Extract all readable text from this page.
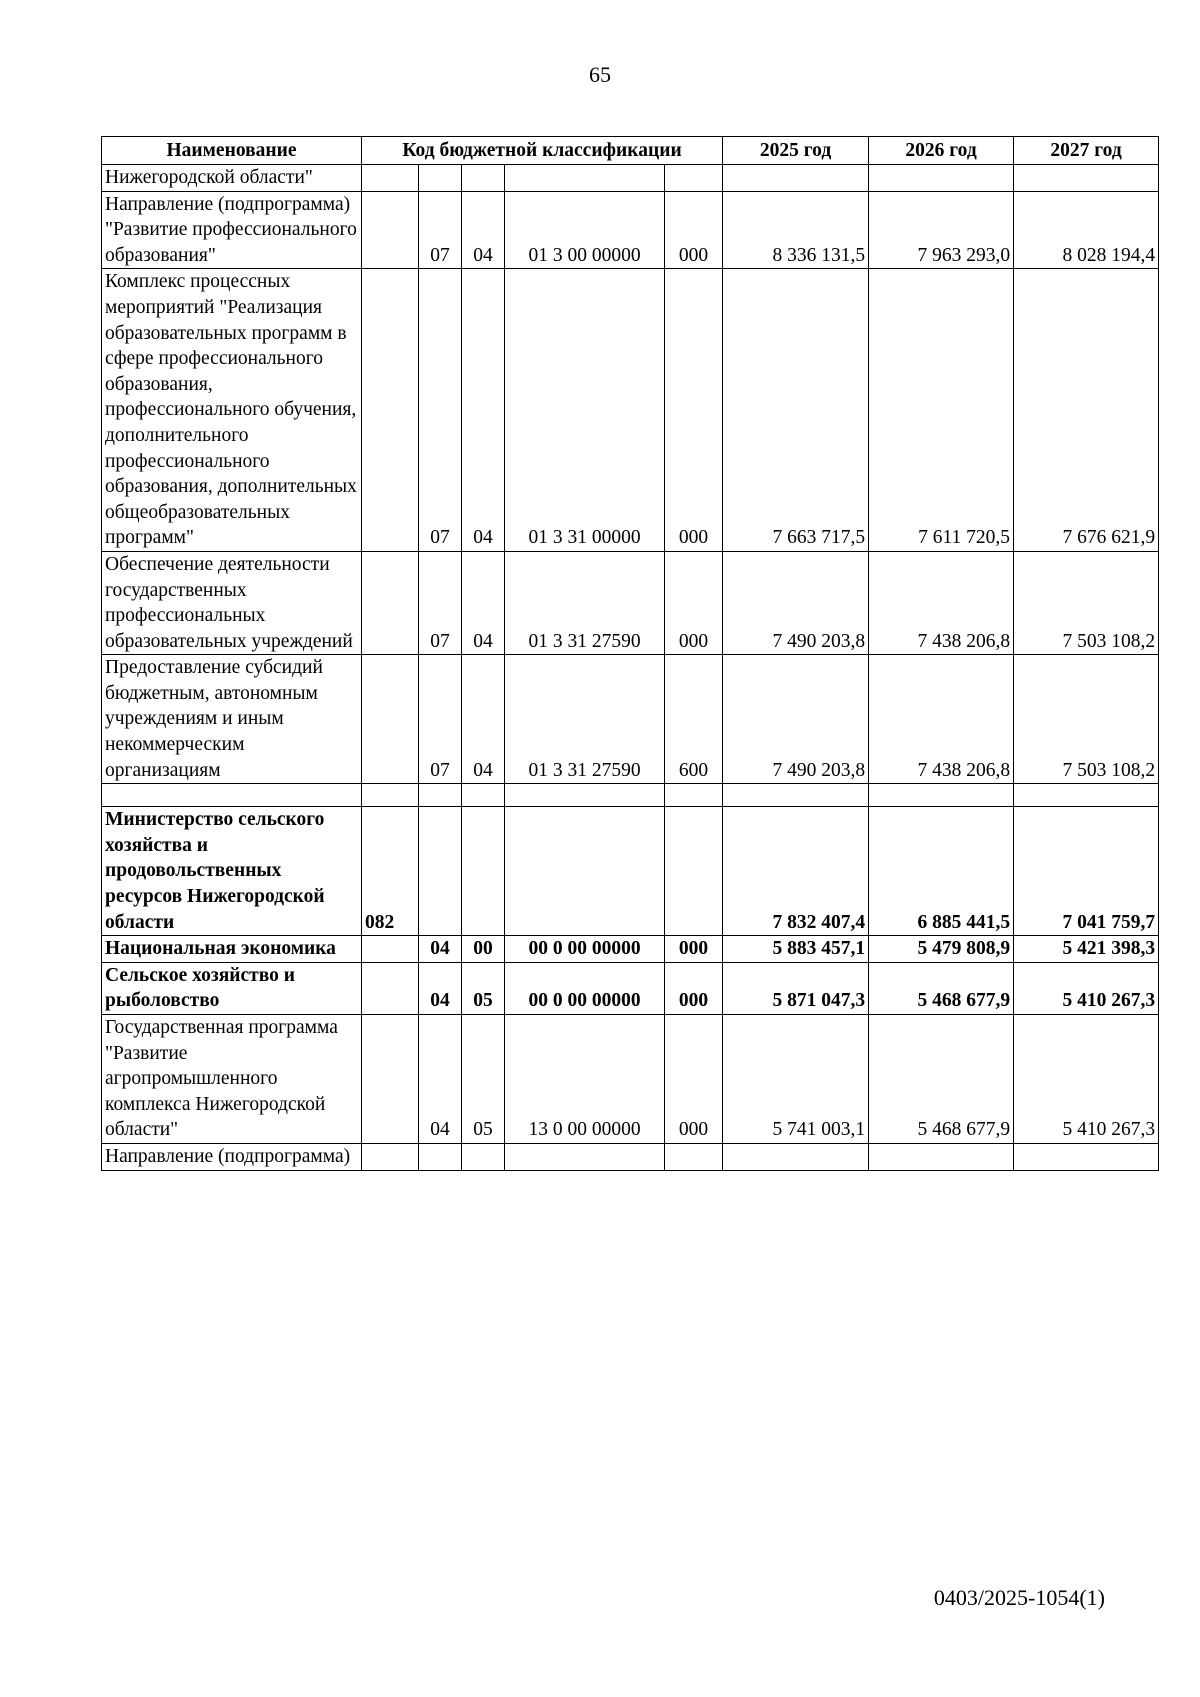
65
Наименование	Код бюджетной классификации					2025 год	2026 год	2027 год
Нижегородской области"								
Направление (подпрограмма) "Развитие профессионального образования"		07	04	01 3 00 00000	000	8 336 131,5	7 963 293,0	8 028 194,4
Комплекс процессных мероприятий "Реализация образовательных программ в сфере профессионального образования, профессионального обучения, дополнительного профессионального образования, дополнительных общеобразовательных программ"		07	04	01 3 31 00000	000	7 663 717,5	7 611 720,5	7 676 621,9
Обеспечение деятельности государственных профессиональных образовательных учреждений		07	04	01 3 31 27590	000	7 490 203,8	7 438 206,8	7 503 108,2
Предоставление субсидий бюджетным, автономным учреждениям и иным некоммерческим организациям		07	04	01 3 31 27590	600	7 490 203,8	7 438 206,8	7 503 108,2

Министерство сельского хозяйства и продовольственных ресурсов Нижегородской области	082					7 832 407,4	6 885 441,5	7 041 759,7
Национальная экономика		04	00	00 0 00 00000	000	5 883 457,1	5 479 808,9	5 421 398,3
Сельское хозяйство и рыболовство		04	05	00 0 00 00000	000	5 871 047,3	5 468 677,9	5 410 267,3
Государственная программа "Развитие агропромышленного комплекса Нижегородской области"		04	05	13 0 00 00000	000	5 741 003,1	5 468 677,9	5 410 267,3
Направление (подпрограмма)								
0403/2025-1054(1)
